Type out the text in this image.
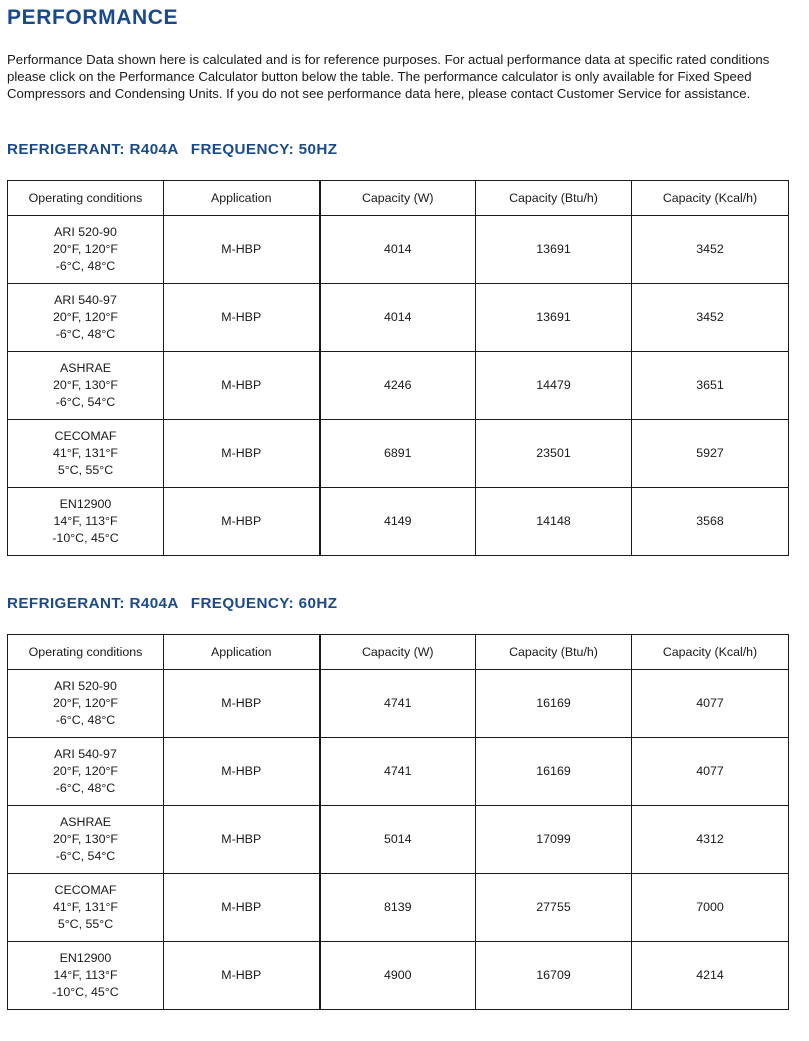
PERFORMANCE

Performance Data shown here is calculated and is for reference purposes. For actual performance data at specific rated conditions please click on the Performance Calculator button below the table. The performance calculator is only available for Fixed Speed Compressors and Condensing Units. If you do not see performance data here, please contact Customer Service for assistance.

REFRIGERANT: R404A FREQUENCY: 50HZ
Operating conditions	Application	Capacity (W)	Capacity (Btu/h)	Capacity (Kcal/h)

ARI 520-90
20°F, 120°F
-6°C, 48°C	M-HBP	4014	13691	3452

ARI 540-97
20°F, 120°F
-6°C, 48°C	M-HBP	4014	13691	3452

ASHRAE
20°F, 130°F
-6°C, 54°C	M-HBP	4246	14479	3651

CECOMAF
41°F, 131°F
5°C, 55°C	M-HBP	6891	23501	5927

EN12900
14°F, 113°F
-10°C, 45°C	M-HBP	4149	14148	3568
REFRIGERANT: R404A FREQUENCY: 60HZ
Operating conditions	Application	Capacity (W)	Capacity (Btu/h)	Capacity (Kcal/h)

ARI 520-90
20°F, 120°F
-6°C, 48°C	M-HBP	4741	16169	4077

ARI 540-97
20°F, 120°F
-6°C, 48°C	M-HBP	4741	16169	4077

ASHRAE
20°F, 130°F
-6°C, 54°C	M-HBP	5014	17099	4312

CECOMAF
41°F, 131°F
5°C, 55°C	M-HBP	8139	27755	7000

EN12900
14°F, 113°F
-10°C, 45°C	M-HBP	4900	16709	4214
